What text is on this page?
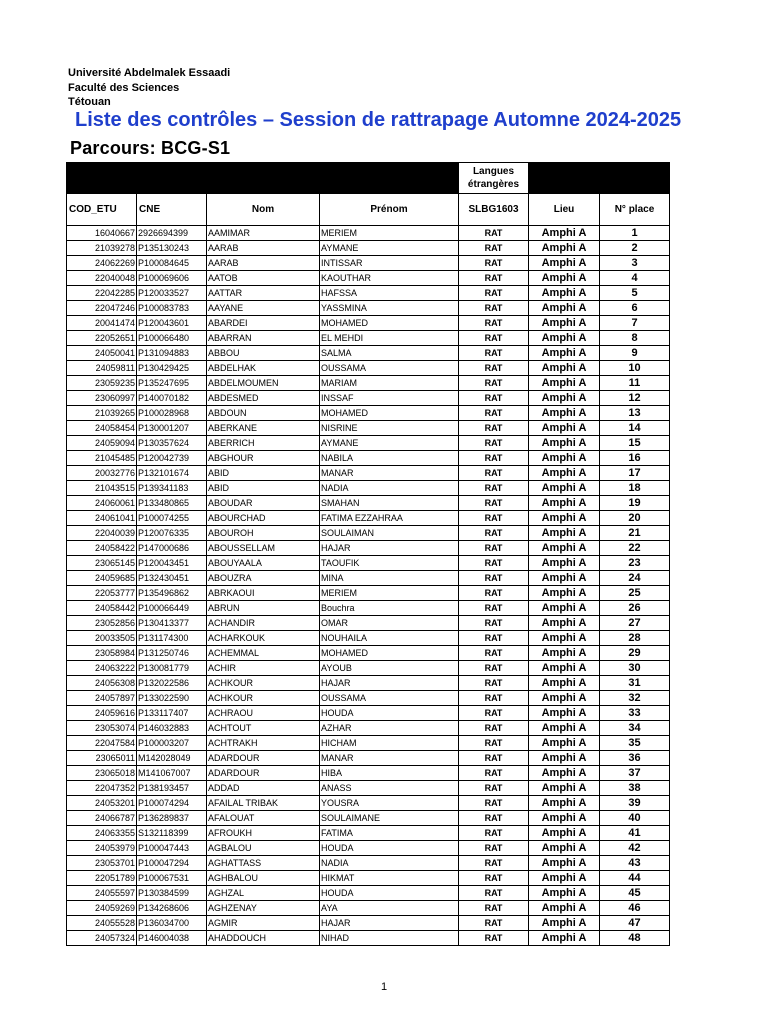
Université Abdelmalek Essaadi
Faculté des Sciences
Tétouan
Liste des contrôles – Session de rattrapage Automne 2024-2025
Parcours: BCG-S1
				Langues étrangères		
COD_ETU	CNE	Nom	Prénom	SLBG1603	Lieu	N° place
16040667	2926694399	AAMIMAR	MERIEM	RAT	Amphi A	1
21039278	P135130243	AARAB	AYMANE	RAT	Amphi A	2
24062269	P100084645	AARAB	INTISSAR	RAT	Amphi A	3
22040048	P100069606	AATOB	KAOUTHAR	RAT	Amphi A	4
22042285	P120033527	AATTAR	HAFSSA	RAT	Amphi A	5
22047246	P100083783	AAYANE	YASSMINA	RAT	Amphi A	6
20041474	P120043601	ABARDEI	MOHAMED	RAT	Amphi A	7
22052651	P100066480	ABARRAN	EL MEHDI	RAT	Amphi A	8
24050041	P131094883	ABBOU	SALMA	RAT	Amphi A	9
24059811	P130429425	ABDELHAK	OUSSAMA	RAT	Amphi A	10
23059235	P135247695	ABDELMOUMEN	MARIAM	RAT	Amphi A	11
23060997	P140070182	ABDESMED	INSSAF	RAT	Amphi A	12
21039265	P100028968	ABDOUN	MOHAMED	RAT	Amphi A	13
24058454	P130001207	ABERKANE	NISRINE	RAT	Amphi A	14
24059094	P130357624	ABERRICH	AYMANE	RAT	Amphi A	15
21045485	P120042739	ABGHOUR	NABILA	RAT	Amphi A	16
20032776	P132101674	ABID	MANAR	RAT	Amphi A	17
21043515	P139341183	ABID	NADIA	RAT	Amphi A	18
24060061	P133480865	ABOUDAR	SMAHAN	RAT	Amphi A	19
24061041	P100074255	ABOURCHAD	FATIMA EZZAHRAA	RAT	Amphi A	20
22040039	P120076335	ABOUROH	SOULAIMAN	RAT	Amphi A	21
24058422	P147000686	ABOUSSELLAM	HAJAR	RAT	Amphi A	22
23065145	P120043451	ABOUYAALA	TAOUFIK	RAT	Amphi A	23
24059685	P132430451	ABOUZRA	MINA	RAT	Amphi A	24
22053777	P135496862	ABRKAOUI	MERIEM	RAT	Amphi A	25
24058442	P100066449	ABRUN	Bouchra	RAT	Amphi A	26
23052856	P130413377	ACHANDIR	OMAR	RAT	Amphi A	27
20033505	P131174300	ACHARKOUK	NOUHAILA	RAT	Amphi A	28
23058984	P131250746	ACHEMMAL	MOHAMED	RAT	Amphi A	29
24063222	P130081779	ACHIR	AYOUB	RAT	Amphi A	30
24056308	P132022586	ACHKOUR	HAJAR	RAT	Amphi A	31
24057897	P133022590	ACHKOUR	OUSSAMA	RAT	Amphi A	32
24059616	P133117407	ACHRAOU	HOUDA	RAT	Amphi A	33
23053074	P146032883	ACHTOUT	AZHAR	RAT	Amphi A	34
22047584	P100003207	ACHTRAKH	HICHAM	RAT	Amphi A	35
23065011	M142028049	ADARDOUR	MANAR	RAT	Amphi A	36
23065018	M141067007	ADARDOUR	HIBA	RAT	Amphi A	37
22047352	P138193457	ADDAD	ANASS	RAT	Amphi A	38
24053201	P100074294	AFAILAL TRIBAK	YOUSRA	RAT	Amphi A	39
24066787	P136289837	AFALOUAT	SOULAIMANE	RAT	Amphi A	40
24063355	S132118399	AFROUKH	FATIMA	RAT	Amphi A	41
24053979	P100047443	AGBALOU	HOUDA	RAT	Amphi A	42
23053701	P100047294	AGHATTASS	NADIA	RAT	Amphi A	43
22051789	P100067531	AGHBALOU	HIKMAT	RAT	Amphi A	44
24055597	P130384599	AGHZAL	HOUDA	RAT	Amphi A	45
24059269	P134268606	AGHZENAY	AYA	RAT	Amphi A	46
24055528	P136034700	AGMIR	HAJAR	RAT	Amphi A	47
24057324	P146004038	AHADDOUCH	NIHAD	RAT	Amphi A	48
1
